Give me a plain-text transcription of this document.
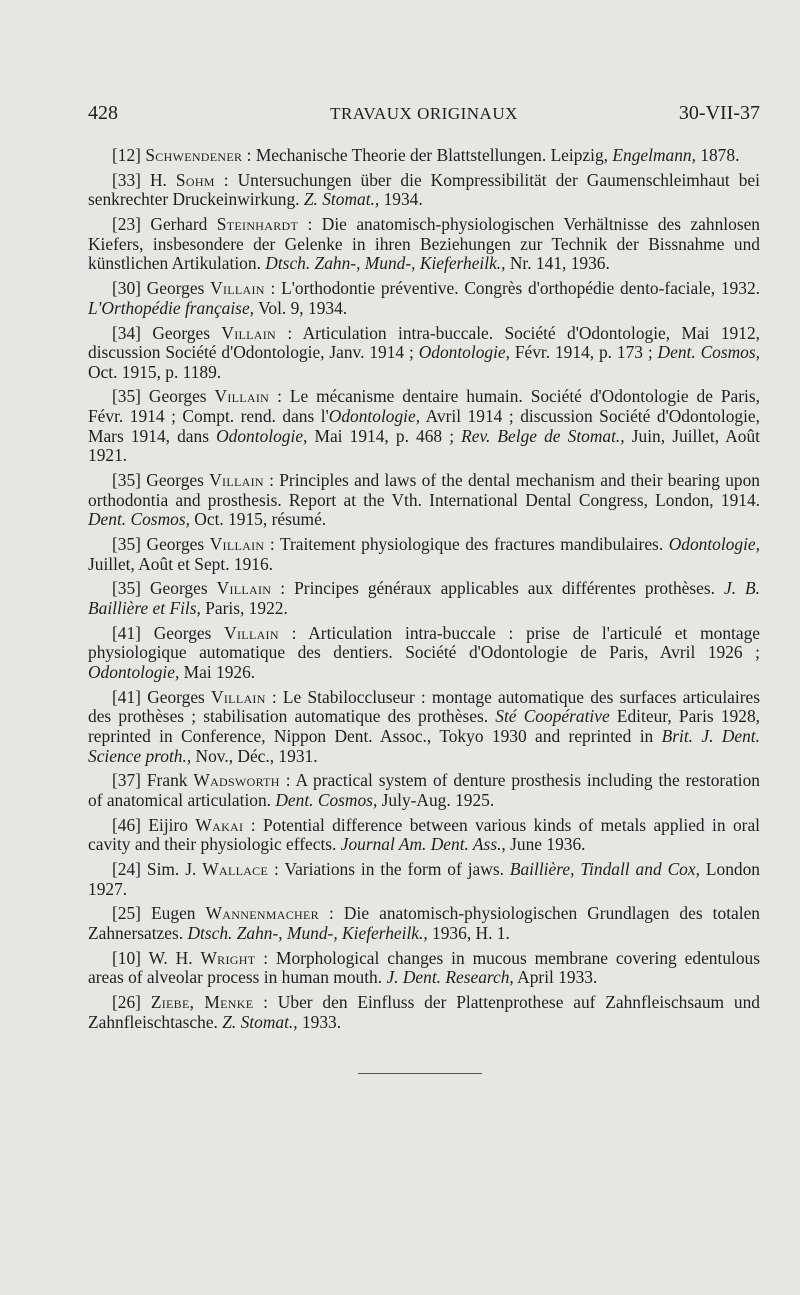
428	TRAVAUX ORIGINAUX	30-VII-37

[12] Schwendener : Mechanische Theorie der Blattstellungen. Leipzig, Engelmann, 1878.

[33] H. Sohm : Untersuchungen über die Kompressibilität der Gaumenschleimhaut bei senkrechter Druckeinwirkung. Z. Stomat., 1934.

[23] Gerhard Steinhardt : Die anatomisch-physiologischen Verhältnisse des zahnlosen Kiefers, insbesondere der Gelenke in ihren Beziehungen zur Technik der Bissnahme und künstlichen Artikulation. Dtsch. Zahn-, Mund-, Kieferheilk., Nr. 141, 1936.

[30] Georges Villain : L'orthodontie préventive. Congrès d'orthopédie dento-faciale, 1932. L'Orthopédie française, Vol. 9, 1934.

[34] Georges Villain : Articulation intra-buccale. Société d'Odontologie, Mai 1912, discussion Société d'Odontologie, Janv. 1914 ; Odontologie, Févr. 1914, p. 173 ; Dent. Cosmos, Oct. 1915, p. 1189.

[35] Georges Villain : Le mécanisme dentaire humain. Société d'Odontologie de Paris, Févr. 1914 ; Compt. rend. dans l'Odontologie, Avril 1914 ; discussion Société d'Odontologie, Mars 1914, dans Odontologie, Mai 1914, p. 468 ; Rev. Belge de Stomat., Juin, Juillet, Août 1921.

[35] Georges Villain : Principles and laws of the dental mechanism and their bearing upon orthodontia and prosthesis. Report at the Vth. International Dental Congress, London, 1914. Dent. Cosmos, Oct. 1915, résumé.

[35] Georges Villain : Traitement physiologique des fractures mandibulaires. Odontologie, Juillet, Août et Sept. 1916.

[35] Georges Villain : Principes généraux applicables aux différentes prothèses. J. B. Baillière et Fils, Paris, 1922.

[41] Georges Villain : Articulation intra-buccale : prise de l'articulé et montage physiologique automatique des dentiers. Société d'Odontologie de Paris, Avril 1926 ; Odontologie, Mai 1926.

[41] Georges Villain : Le Stabiloccluseur : montage automatique des surfaces articulaires des prothèses ; stabilisation automatique des prothèses. Sté Coopérative Editeur, Paris 1928, reprinted in Conference, Nippon Dent. Assoc., Tokyo 1930 and reprinted in Brit. J. Dent. Science proth., Nov., Déc., 1931.

[37] Frank Wadsworth : A practical system of denture prosthesis including the restoration of anatomical articulation. Dent. Cosmos, July-Aug. 1925.

[46] Eijiro Wakai : Potential difference between various kinds of metals applied in oral cavity and their physiologic effects. Journal Am. Dent. Ass., June 1936.

[24] Sim. J. Wallace : Variations in the form of jaws. Baillière, Tindall and Cox, London 1927.

[25] Eugen Wannenmacher : Die anatomisch-physiologischen Grundlagen des totalen Zahnersatzes. Dtsch. Zahn-, Mund-, Kieferheilk., 1936, H. 1.

[10] W. H. Wright : Morphological changes in mucous membrane covering edentulous areas of alveolar process in human mouth. J. Dent. Research, April 1933.

[26] Ziebe, Menke : Uber den Einfluss der Plattenprothese auf Zahnfleischsaum und Zahnfleischtasche. Z. Stomat., 1933.
